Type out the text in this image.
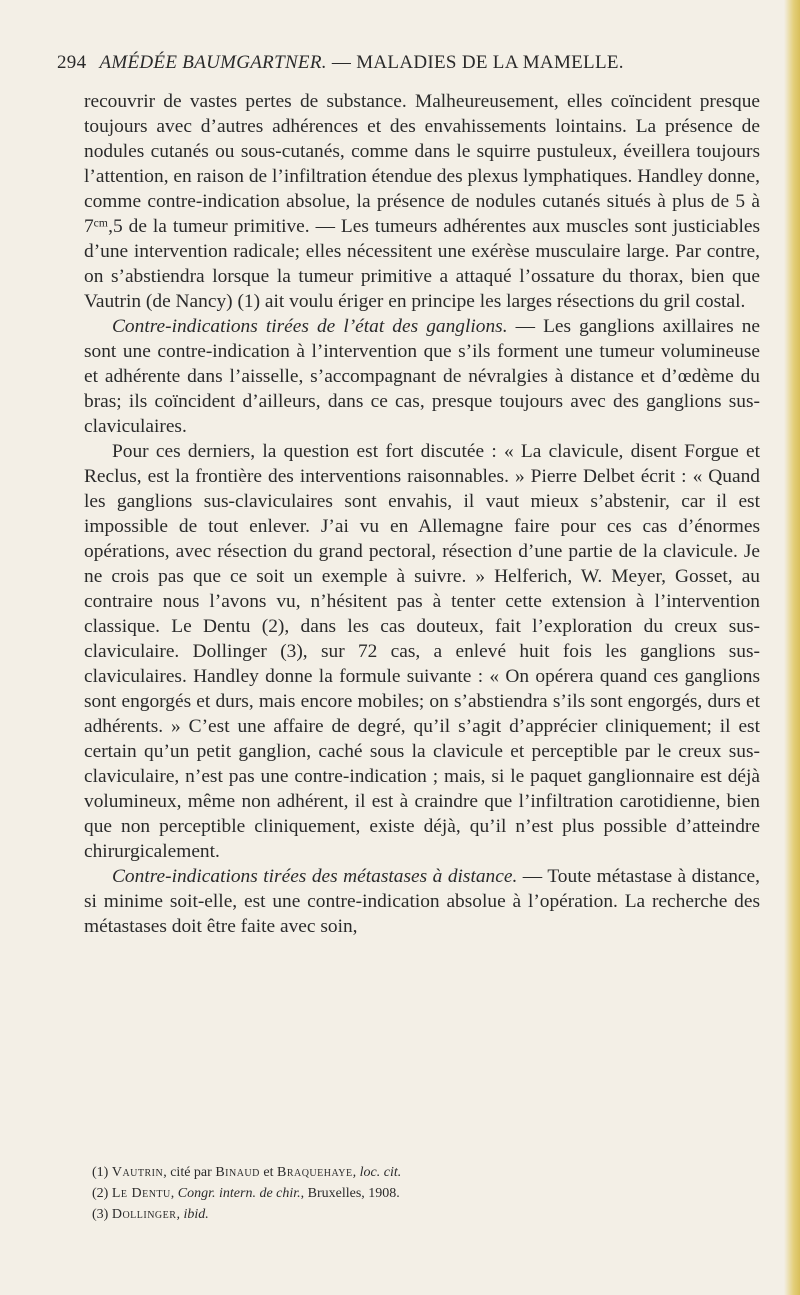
294 AMÉDÉE BAUMGARTNER. — MALADIES DE LA MAMELLE.

recouvrir de vastes pertes de substance. Malheureusement, elles coïncident presque toujours avec d’autres adhérences et des envahissements lointains. La présence de nodules cutanés ou sous-cutanés, comme dans le squirre pustuleux, éveillera toujours l’attention, en raison de l’infiltration étendue des plexus lymphatiques. Handley donne, comme contre-indication absolue, la présence de nodules cutanés situés à plus de 5 à 7ᶜᵐ,5 de la tumeur primitive. — Les tumeurs adhérentes aux muscles sont justiciables d’une intervention radicale; elles nécessitent une exérèse musculaire large. Par contre, on s’abstiendra lorsque la tumeur primitive a attaqué l’ossature du thorax, bien que Vautrin (de Nancy) (1) ait voulu ériger en principe les larges résections du gril costal.

Contre-indications tirées de l’état des ganglions. — Les ganglions axillaires ne sont une contre-indication à l’intervention que s’ils forment une tumeur volumineuse et adhérente dans l’aisselle, s’accompagnant de névralgies à distance et d’œdème du bras; ils coïncident d’ailleurs, dans ce cas, presque toujours avec des ganglions sus-claviculaires.

Pour ces derniers, la question est fort discutée : « La clavicule, disent Forgue et Reclus, est la frontière des interventions raisonnables. » Pierre Delbet écrit : « Quand les ganglions sus-claviculaires sont envahis, il vaut mieux s’abstenir, car il est impossible de tout enlever. J’ai vu en Allemagne faire pour ces cas d’énormes opérations, avec résection du grand pectoral, résection d’une partie de la clavicule. Je ne crois pas que ce soit un exemple à suivre. » Helferich, W. Meyer, Gosset, au contraire nous l’avons vu, n’hésitent pas à tenter cette extension à l’intervention classique. Le Dentu (2), dans les cas douteux, fait l’exploration du creux sus-claviculaire. Dollinger (3), sur 72 cas, a enlevé huit fois les ganglions sus-claviculaires. Handley donne la formule suivante : « On opérera quand ces ganglions sont engorgés et durs, mais encore mobiles; on s’abstiendra s’ils sont engorgés, durs et adhérents. » C’est une affaire de degré, qu’il s’agit d’apprécier cliniquement; il est certain qu’un petit ganglion, caché sous la clavicule et perceptible par le creux sus-claviculaire, n’est pas une contre-indication ; mais, si le paquet ganglionnaire est déjà volumineux, même non adhérent, il est à craindre que l’infiltration carotidienne, bien que non perceptible cliniquement, existe déjà, qu’il n’est plus possible d’atteindre chirurgicalement.

Contre-indications tirées des métastases à distance. — Toute métastase à distance, si minime soit-elle, est une contre-indication absolue à l’opération. La recherche des métastases doit être faite avec soin,

(1) Vautrin, cité par Binaud et Braquehaye, loc. cit.
(2) Le Dentu, Congr. intern. de chir., Bruxelles, 1908.
(3) Dollinger, ibid.
